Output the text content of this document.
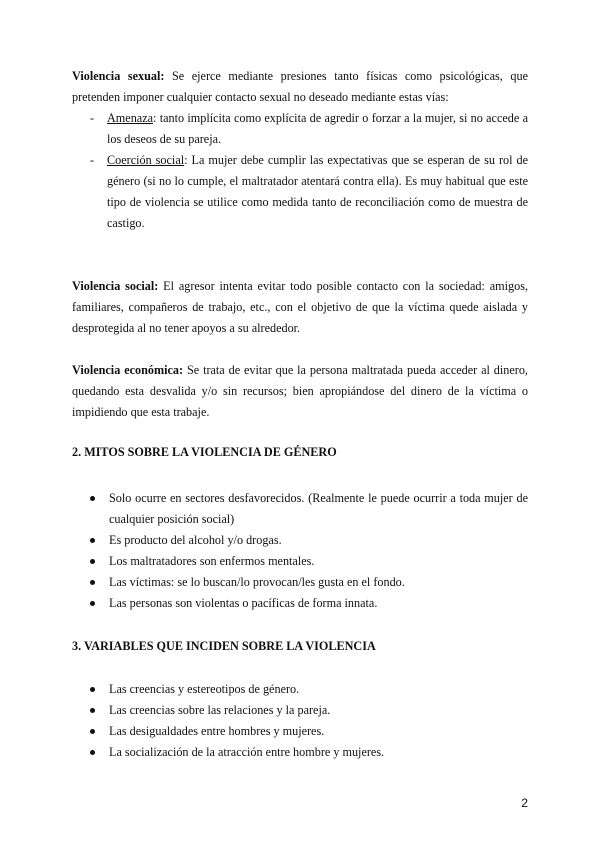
Violencia sexual: Se ejerce mediante presiones tanto físicas como psicológicas, que pretenden imponer cualquier contacto sexual no deseado mediante estas vías:

- Amenaza: tanto implícita como explícita de agredir o forzar a la mujer, si no accede a los deseos de su pareja.
- Coerción social: La mujer debe cumplir las expectativas que se esperan de su rol de género (si no lo cumple, el maltratador atentará contra ella). Es muy habitual que este tipo de violencia se utilice como medida tanto de reconciliación como de muestra de castigo.

Violencia social: El agresor intenta evitar todo posible contacto con la sociedad: amigos, familiares, compañeros de trabajo, etc., con el objetivo de que la víctima quede aislada y desprotegida al no tener apoyos a su alrededor.

Violencia económica: Se trata de evitar que la persona maltratada pueda acceder al dinero, quedando esta desvalida y/o sin recursos; bien apropiándose del dinero de la víctima o impidiendo que esta trabaje.

2. MITOS SOBRE LA VIOLENCIA DE GÉNERO
Solo ocurre en sectores desfavorecidos. (Realmente le puede ocurrir a toda mujer de cualquier posición social)
Es producto del alcohol y/o drogas.
Los maltratadores son enfermos mentales.
Las víctimas: se lo buscan/lo provocan/les gusta en el fondo.
Las personas son violentas o pacíficas de forma innata.
3. VARIABLES QUE INCIDEN SOBRE LA VIOLENCIA
Las creencias y estereotipos de género.
Las creencias sobre las relaciones y la pareja.
Las desigualdades entre hombres y mujeres.
La socialización de la atracción entre hombre y mujeres.
2
